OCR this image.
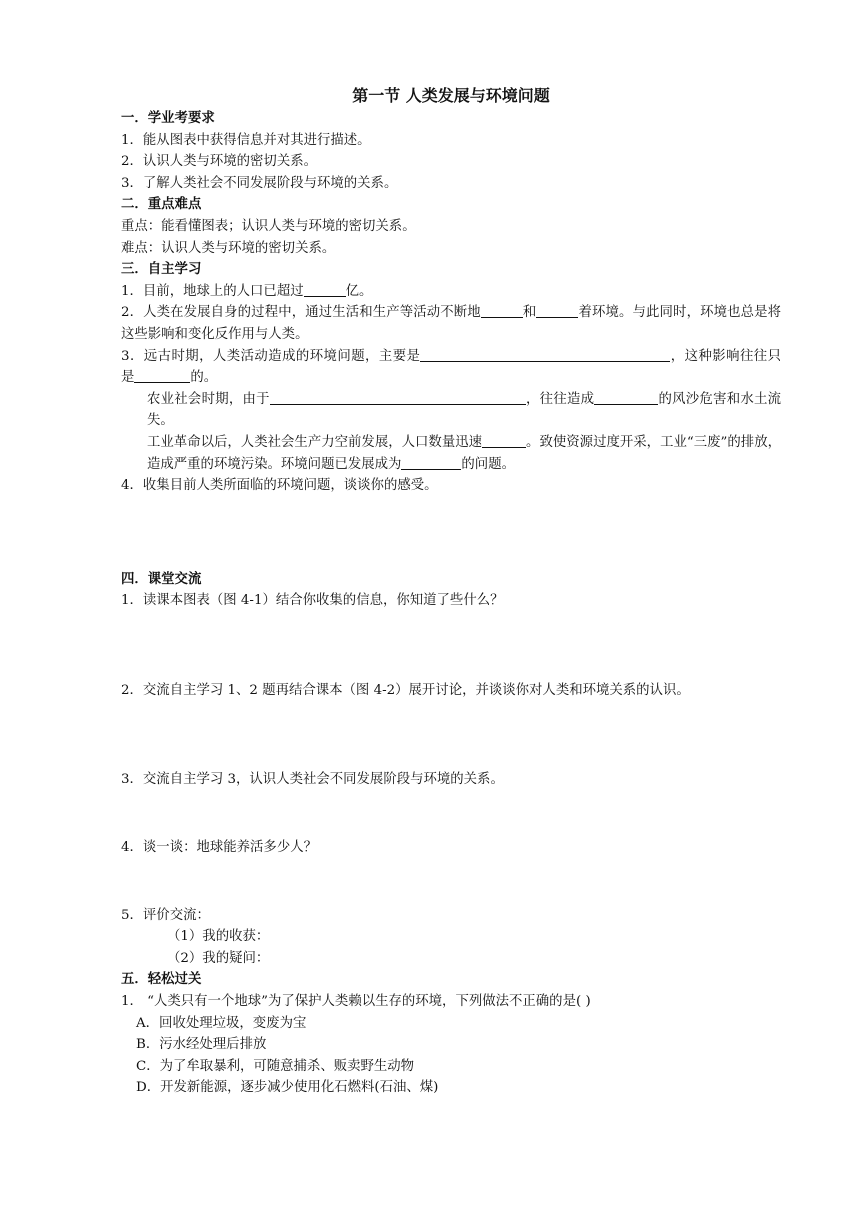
第一节 人类发展与环境问题
一．学业考要求
1．能从图表中获得信息并对其进行描述。
2．认识人类与环境的密切关系。
3．了解人类社会不同发展阶段与环境的关系。
二．重点难点
重点：能看懂图表；认识人类与环境的密切关系。
难点：认识人类与环境的密切关系。
三．自主学习
1．目前，地球上的人口已超过	亿。
2．人类在发展自身的过程中，通过生活和生产等活动不断地	和	着环境。与此同时，环境也总是将这些影响和变化反作用与人类。
3．远古时期，人类活动造成的环境问题，主要是	，这种影响往往只是	的。
农业社会时期，由于	，往往造成	的风沙危害和水土流失。
工业革命以后，人类社会生产力空前发展，人口数量迅速	。致使资源过度开采，工业“三废”的排放，造成严重的环境污染。环境问题已发展成为	的问题。
4．收集目前人类所面临的环境问题，谈谈你的感受。
四．课堂交流
1．读课本图表（图 4-1）结合你收集的信息，你知道了些什么？
2．交流自主学习 1、2 题再结合课本（图 4-2）展开讨论，并谈谈你对人类和环境关系的认识。
3．交流自主学习 3，认识人类社会不同发展阶段与环境的关系。
4．谈一谈：地球能养活多少人？
5．评价交流：
（1）我的收获：
（2）我的疑问：
五．轻松过关
1． “人类只有一个地球”为了保护人类赖以生存的环境，下列做法不正确的是( )
A．回收处理垃圾，变废为宝
B．污水经处理后排放
C．为了牟取暴利，可随意捕杀、贩卖野生动物
D．开发新能源，逐步减少使用化石燃料(石油、煤)
